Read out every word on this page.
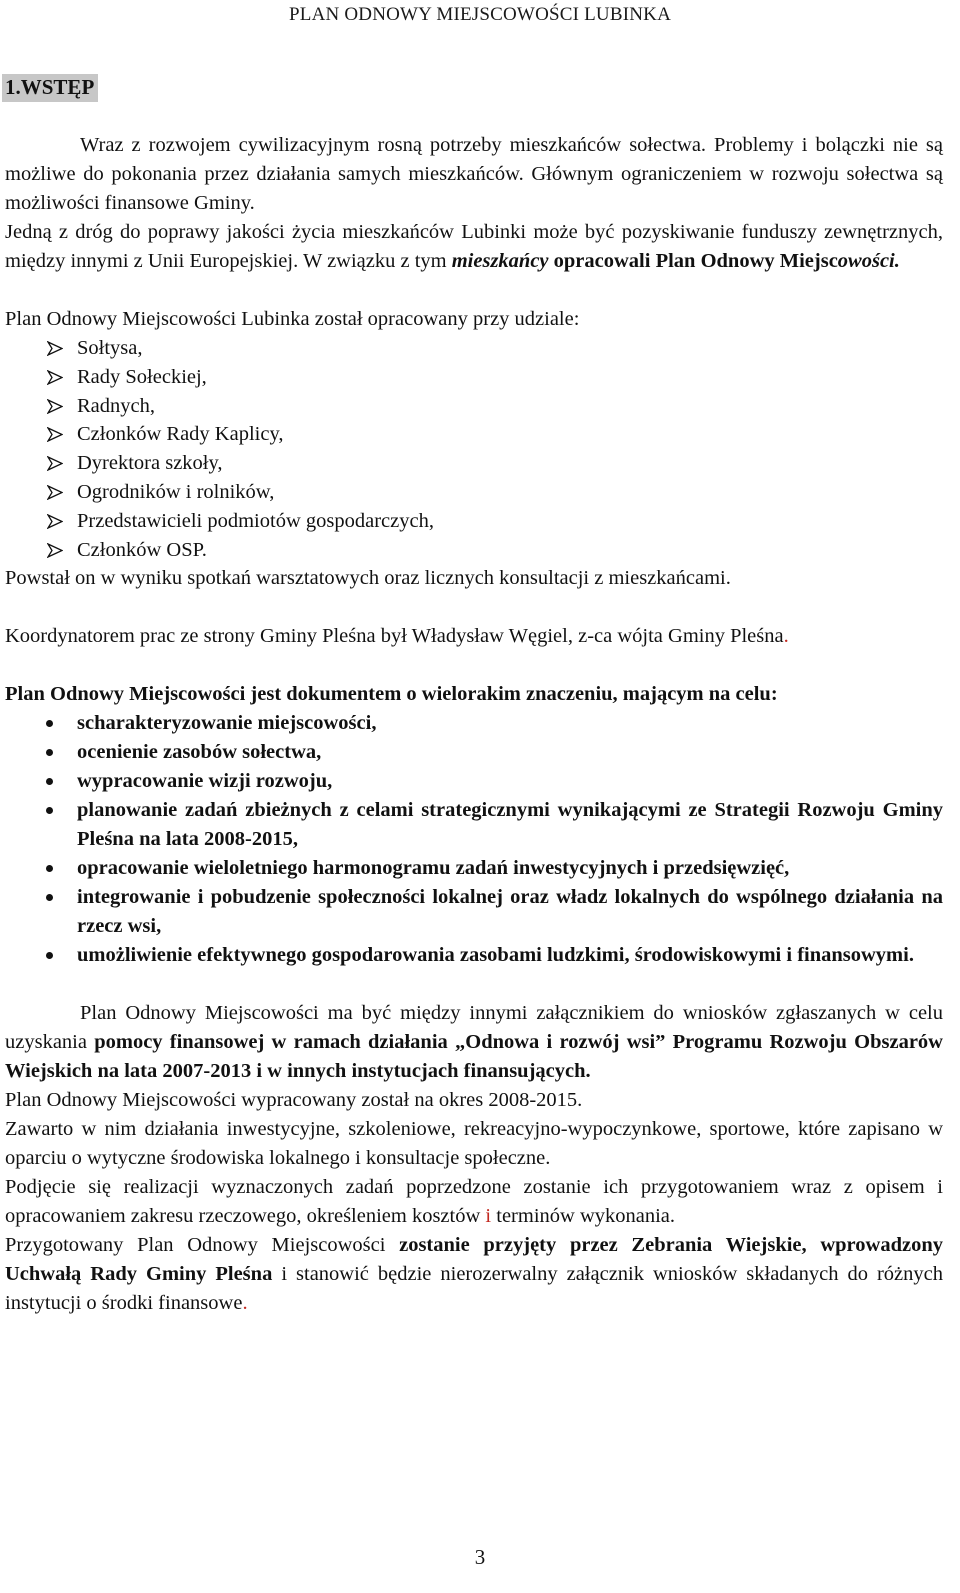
PLAN ODNOWY MIEJSCOWOŚCI LUBINKA
1.WSTĘP

Wraz z rozwojem cywilizacyjnym rosną potrzeby mieszkańców sołectwa. Problemy i bolączki nie są możliwe do pokonania przez działania samych mieszkańców. Głównym ograniczeniem w rozwoju sołectwa są możliwości finansowe Gminy.

Jedną z dróg do poprawy jakości życia mieszkańców Lubinki może być pozyskiwanie funduszy zewnętrznych, między innymi z Unii Europejskiej. W związku z tym mieszkańcy opracowali Plan Odnowy Miejscowości.

Plan Odnowy Miejscowości Lubinka został opracowany przy udziale:

Sołtysa,
Rady Sołeckiej,
Radnych,
Członków Rady Kaplicy,
Dyrektora szkoły,
Ogrodników i rolników,
Przedstawicieli podmiotów gospodarczych,
Członków OSP.

Powstał on w wyniku spotkań warsztatowych oraz licznych konsultacji z mieszkańcami.

Koordynatorem prac ze strony Gminy Pleśna był Władysław Węgiel, z-ca wójta Gminy Pleśna.

Plan Odnowy Miejscowości jest dokumentem o wielorakim znaczeniu, mającym na celu:

scharakteryzowanie miejscowości,
ocenienie zasobów sołectwa,
wypracowanie wizji rozwoju,
planowanie zadań zbieżnych z celami strategicznymi wynikającymi ze Strategii Rozwoju Gminy Pleśna na lata 2008-2015,
opracowanie wieloletniego harmonogramu zadań inwestycyjnych i przedsięwzięć,
integrowanie i pobudzenie społeczności lokalnej oraz władz lokalnych do wspólnego działania na rzecz wsi,
umożliwienie efektywnego gospodarowania zasobami ludzkimi, środowiskowymi i finansowymi.

Plan Odnowy Miejscowości ma być między innymi załącznikiem do wniosków zgłaszanych w celu uzyskania pomocy finansowej w ramach działania „Odnowa i rozwój wsi” Programu Rozwoju Obszarów Wiejskich na lata 2007-2013 i w innych instytucjach finansujących.

Plan Odnowy Miejscowości wypracowany został na okres 2008-2015.

Zawarto w nim działania inwestycyjne, szkoleniowe, rekreacyjno-wypoczynkowe, sportowe, które zapisano w oparciu o wytyczne środowiska lokalnego i konsultacje społeczne.

Podjęcie się realizacji wyznaczonych zadań poprzedzone zostanie ich przygotowaniem wraz z opisem i opracowaniem zakresu rzeczowego, określeniem kosztów i terminów wykonania.

Przygotowany Plan Odnowy Miejscowości zostanie przyjęty przez Zebrania Wiejskie, wprowadzony Uchwałą Rady Gminy Pleśna i stanowić będzie nierozerwalny załącznik wniosków składanych do różnych instytucji o środki finansowe.

3
